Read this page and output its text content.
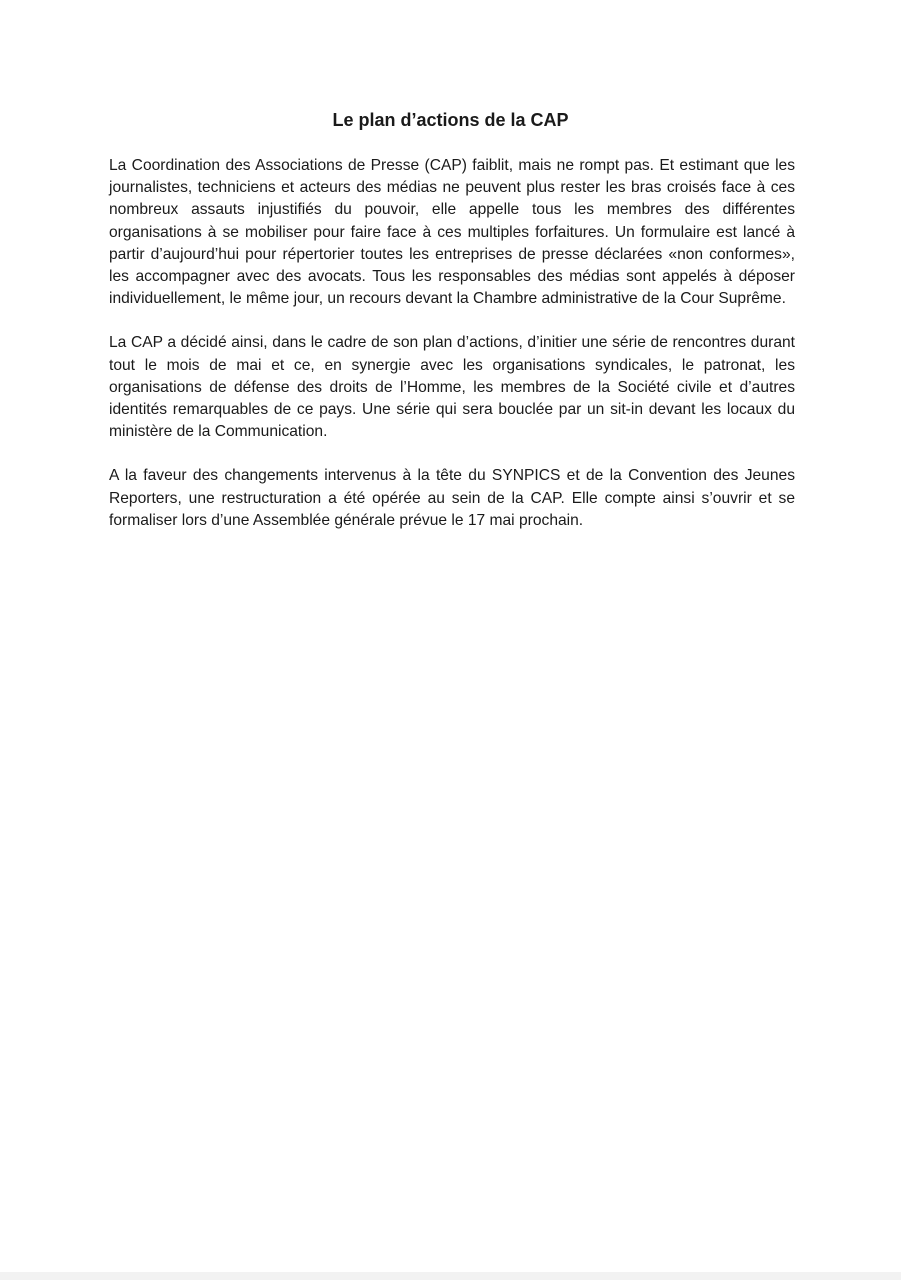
Le plan d’actions de la CAP

La Coordination des Associations de Presse (CAP) faiblit, mais ne rompt pas. Et estimant que les journalistes, techniciens et acteurs des médias ne peuvent plus rester les bras croisés face à ces nombreux assauts injustifiés du pouvoir, elle appelle tous les membres des différentes organisations à se mobiliser pour faire face à ces multiples forfaitures. Un formulaire est lancé à partir d’aujourd’hui pour répertorier toutes les entreprises de presse déclarées «non conformes», les accompagner avec des avocats. Tous les responsables des médias sont appelés à déposer individuellement, le même jour, un recours devant la Chambre administrative de la Cour Suprême.

La CAP a décidé ainsi, dans le cadre de son plan d’actions, d’initier une série de rencontres durant tout le mois de mai et ce, en synergie avec les organisations syndicales, le patronat, les organisations de défense des droits de l’Homme, les membres de la Société civile et d’autres identités remarquables de ce pays. Une série qui sera bouclée par un sit-in devant les locaux du ministère de la Communication.

A la faveur des changements intervenus à la tête du SYNPICS et de la Convention des Jeunes Reporters, une restructuration a été opérée au sein de la CAP. Elle compte ainsi s’ouvrir et se formaliser lors d’une Assemblée générale prévue le 17 mai prochain.
